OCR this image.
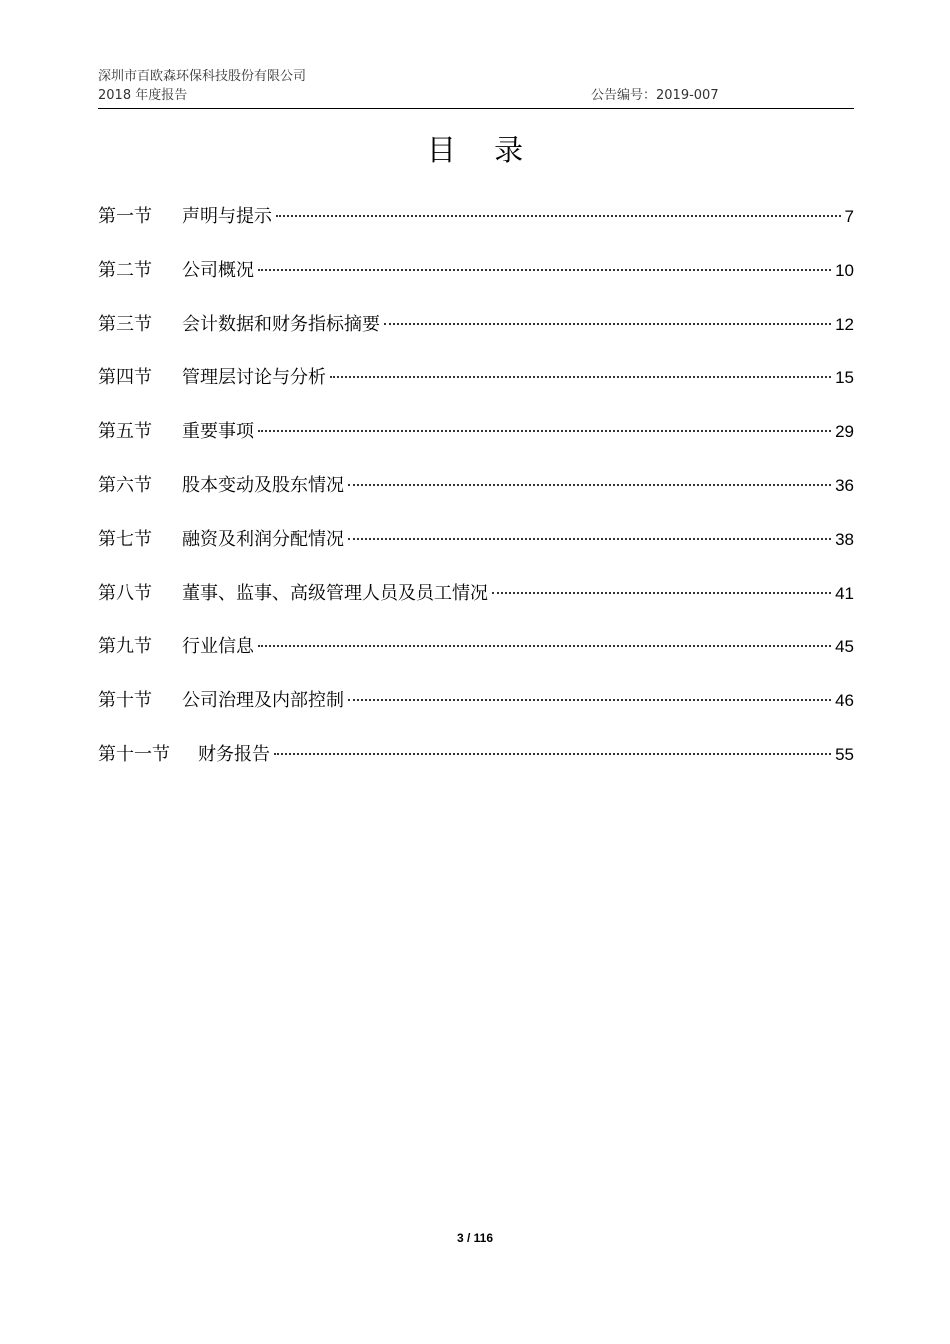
深圳市百欧森环保科技股份有限公司
2018 年度报告	公告编号：2019-007
目 录
第一节	声明与提示	7
第二节	公司概况	10
第三节	会计数据和财务指标摘要	12
第四节	管理层讨论与分析	15
第五节	重要事项	29
第六节	股本变动及股东情况	36
第七节	融资及利润分配情况	38
第八节	董事、监事、高级管理人员及员工情况	41
第九节	行业信息	45
第十节	公司治理及内部控制	46
第十一节	财务报告	55
3 / 116
